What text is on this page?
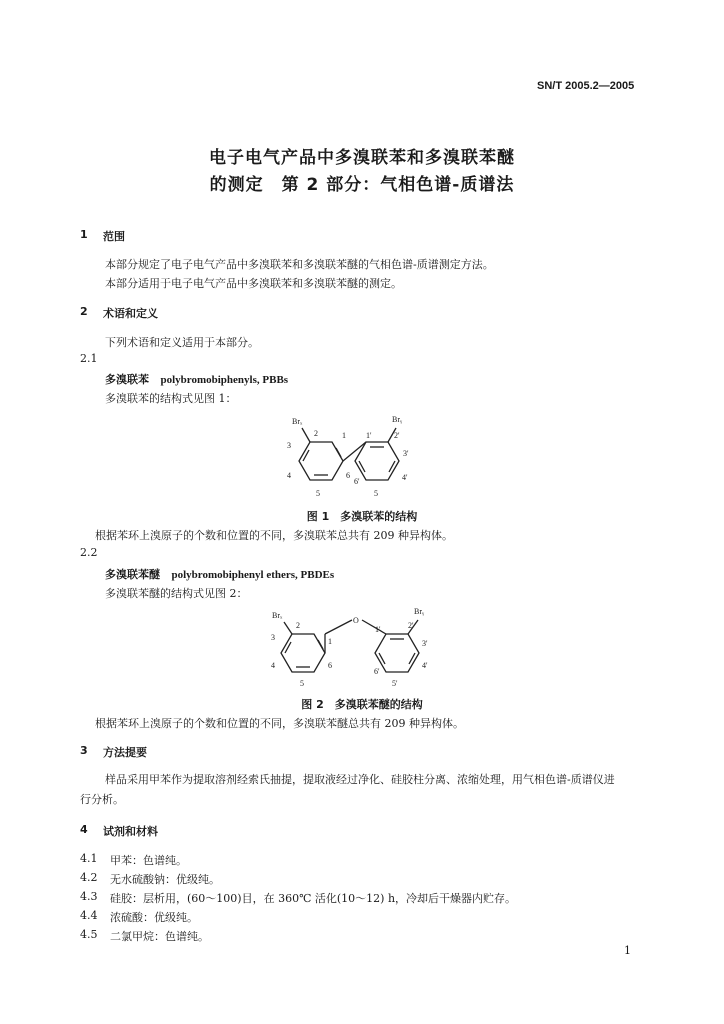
SN/T 2005.2—2005
电子电气产品中多溴联苯和多溴联苯醚
的测定　第 2 部分：气相色谱-质谱法
1 范围
本部分规定了电子电气产品中多溴联苯和多溴联苯醚的气相色谱-质谱测定方法。
本部分适用于电子电气产品中多溴联苯和多溴联苯醚的测定。
2 术语和定义
下列术语和定义适用于本部分。
2.1
多溴联苯 polybromobiphenyls, PBBs
多溴联苯的结构式见图 1：
Brₓ	Brᵧ
2
3
4
5
6
1	1'	2'
3'
4'
5
6'
图 1　多溴联苯的结构
根据苯环上溴原子的个数和位置的不同，多溴联苯总共有 209 种异构体。
2.2
多溴联苯醚 polybromobiphenyl ethers, PBDEs
多溴联苯醚的结构式见图 2：
O
Brₓ	Brᵧ
2
3
4
5
6
1
1'	2'
3'
4'
5'
6'
图 2　多溴联苯醚的结构
根据苯环上溴原子的个数和位置的不同，多溴联苯醚总共有 209 种异构体。
3 方法提要
样品采用甲苯作为提取溶剂经索氏抽提，提取液经过净化、硅胶柱分离、浓缩处理，用气相色谱-质谱仪进行分析。
4 试剂和材料
4.1 甲苯：色谱纯。
4.2 无水硫酸钠：优级纯。
4.3 硅胶：层析用，(60～100)目，在 360℃ 活化(10～12) h，冷却后干燥器内贮存。
4.4 浓硫酸：优级纯。
4.5 二氯甲烷：色谱纯。
1
